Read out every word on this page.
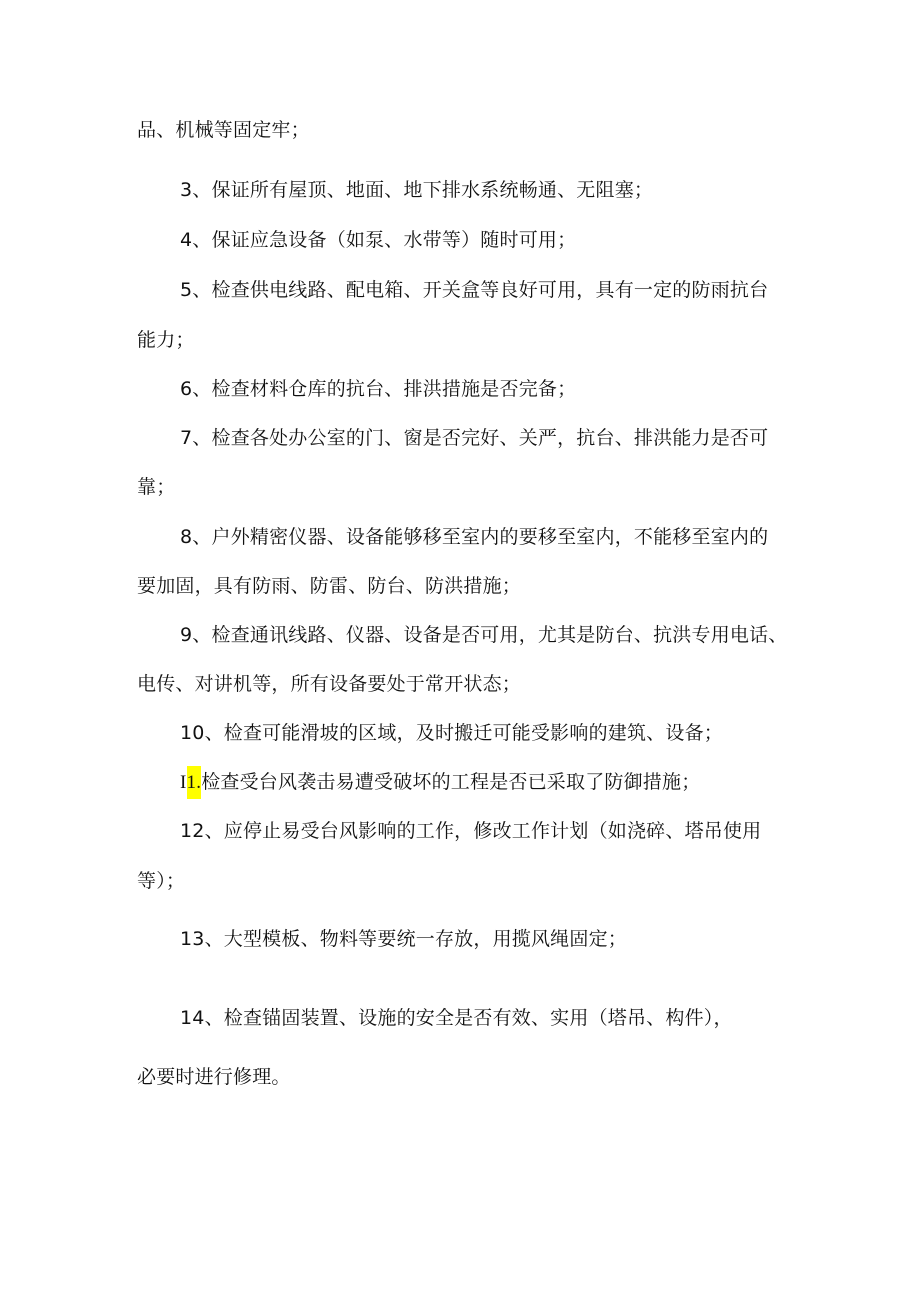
品、机械等固定牢；
3、保证所有屋顶、地面、地下排水系统畅通、无阻塞；
4、保证应急设备（如泵、水带等）随时可用；
5、检查供电线路、配电箱、开关盒等良好可用，具有一定的防雨抗台
能力；
6、检查材料仓库的抗台、排洪措施是否完备；
7、检查各处办公室的门、窗是否完好、关严，抗台、排洪能力是否可
靠；
8、户外精密仪器、设备能够移至室内的要移至室内，不能移至室内的
要加固，具有防雨、防雷、防台、防洪措施；
9、检查通讯线路、仪器、设备是否可用，尤其是防台、抗洪专用电话、
电传、对讲机等，所有设备要处于常开状态；
10、检查可能滑坡的区域，及时搬迁可能受影响的建筑、设备；
I1.检查受台风袭击易遭受破坏的工程是否已采取了防御措施；
12、应停止易受台风影响的工作，修改工作计划（如浇碎、塔吊使用
等）；
13、大型模板、物料等要统一存放，用揽风绳固定；
14、检查锚固装置、设施的安全是否有效、实用（塔吊、构件），
必要时进行修理。
